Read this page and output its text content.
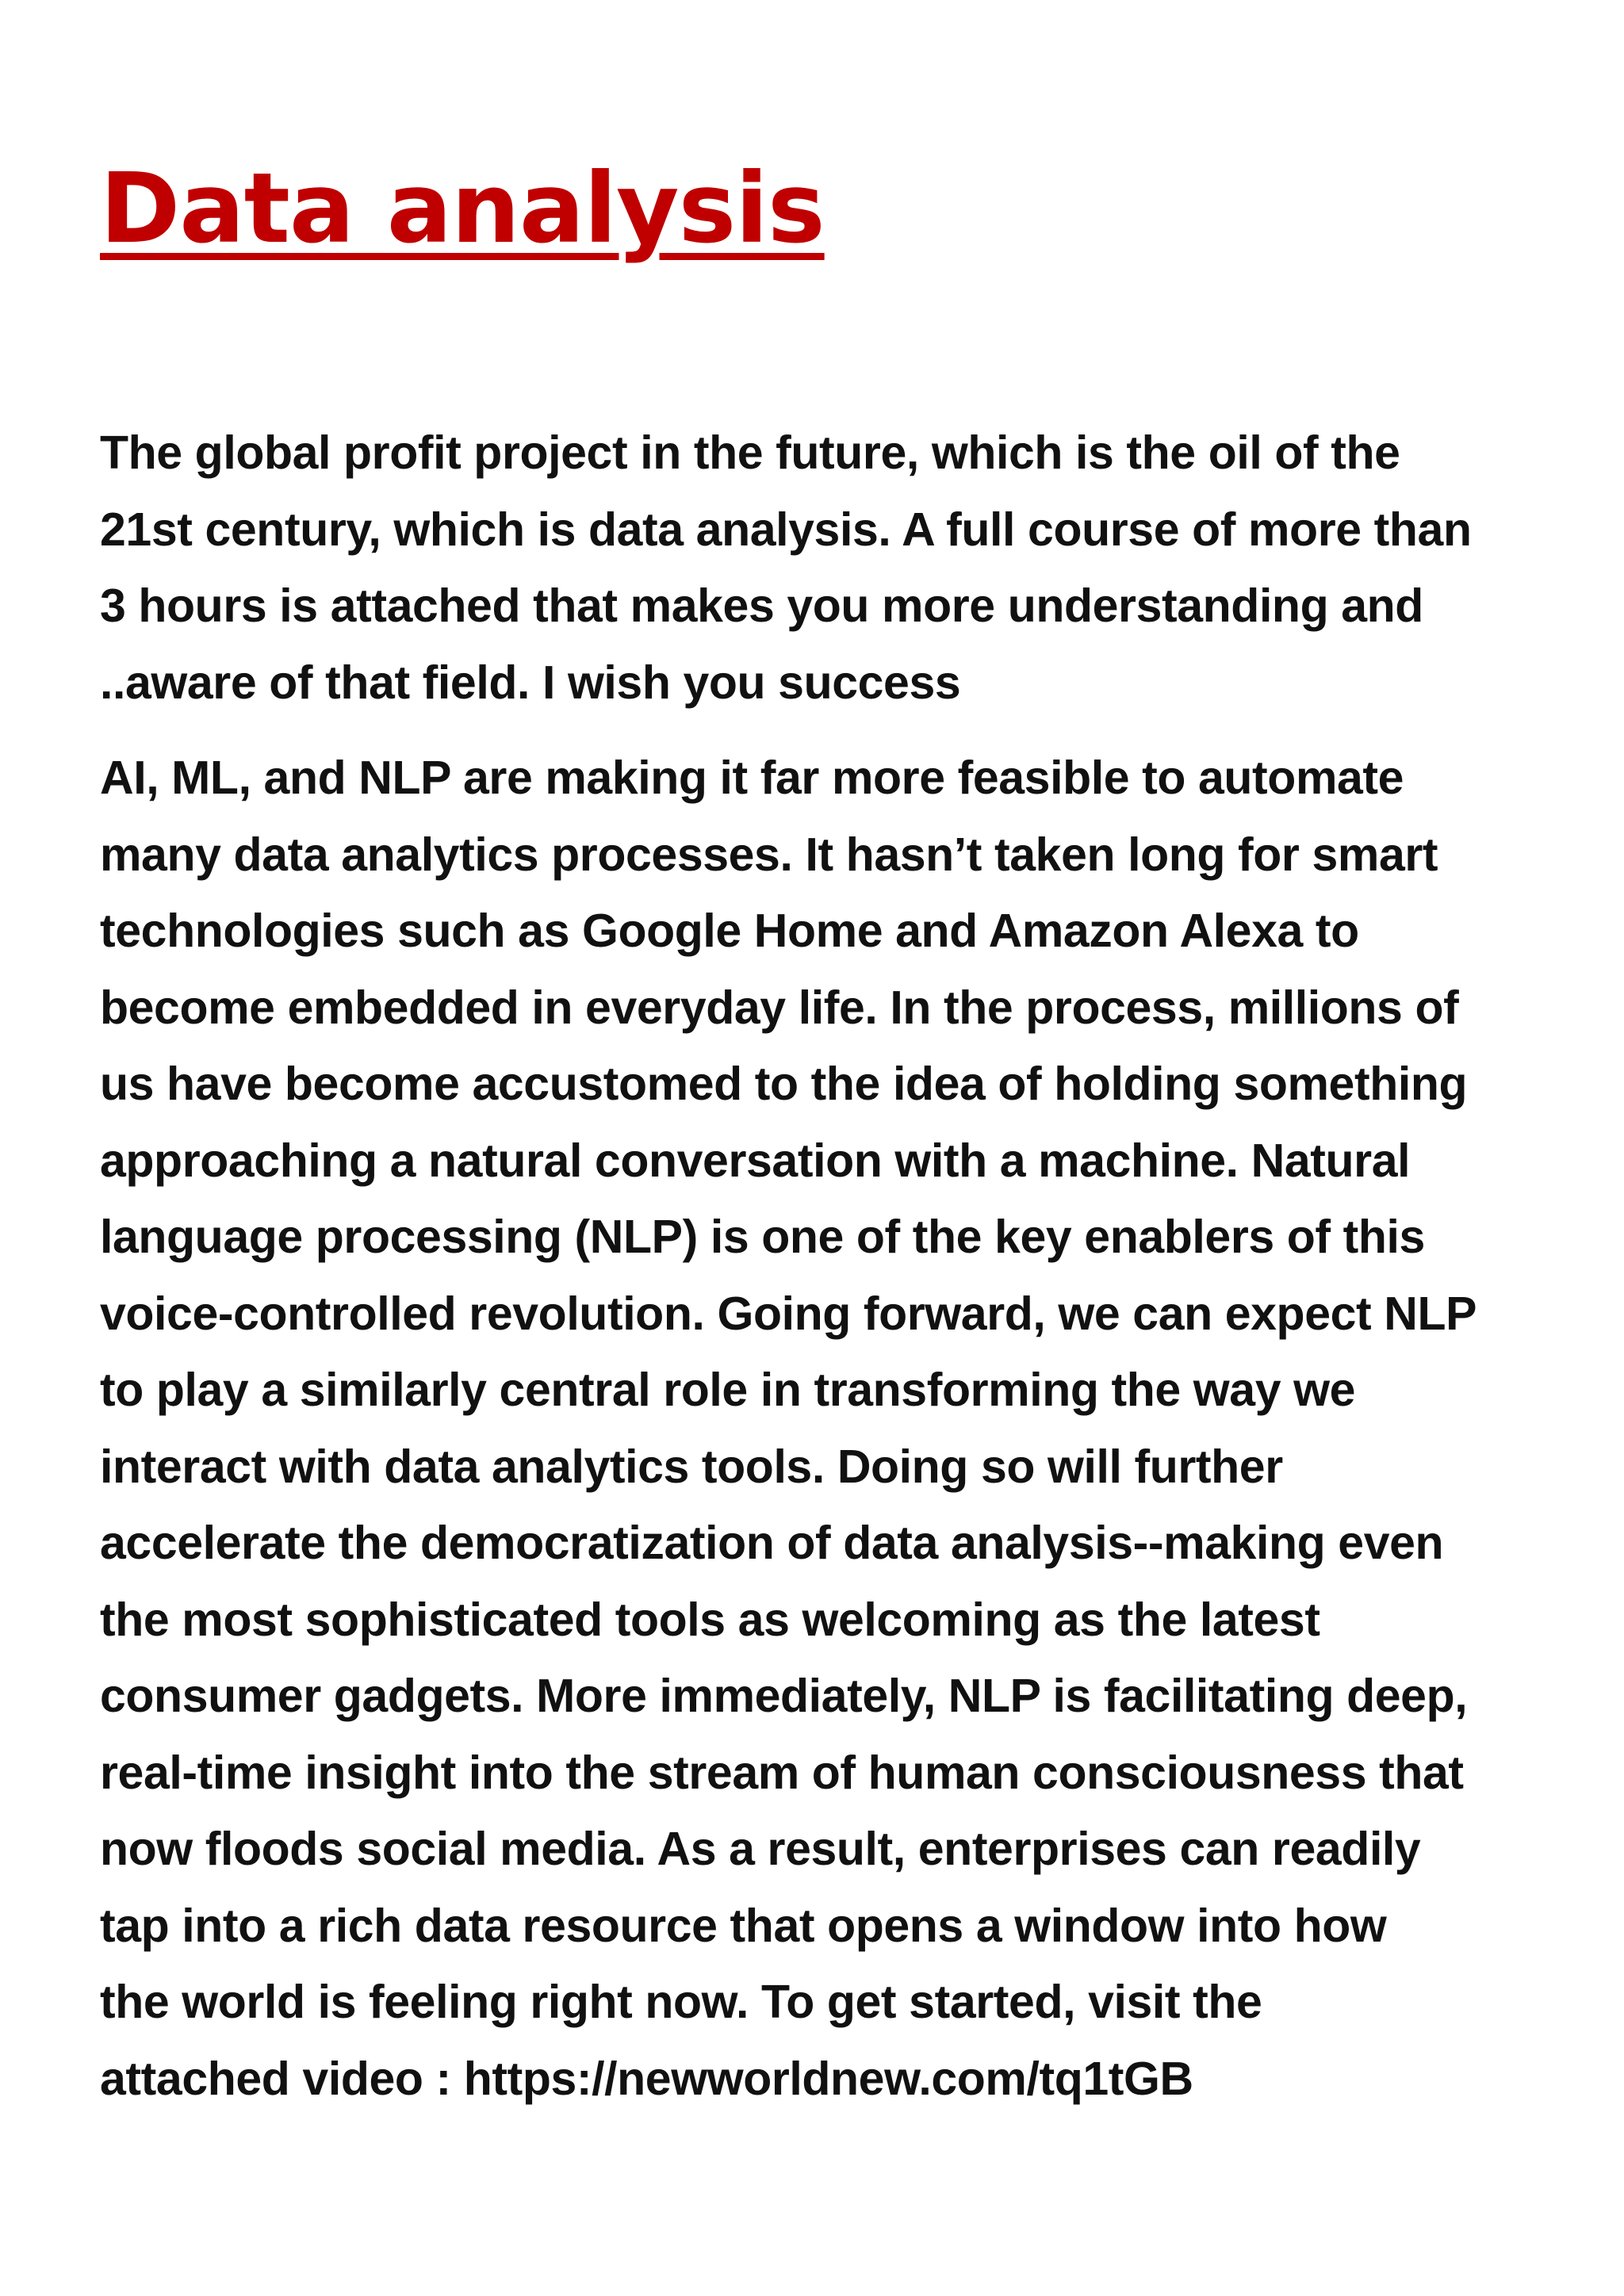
Data analysis

The global profit project in the future, which is the oil of the
21st century, which is data analysis. A full course of more than
3 hours is attached that makes you more understanding and
..aware of that field. I wish you success

AI, ML, and NLP are making it far more feasible to automate
many data analytics processes. It hasn’t taken long for smart
technologies such as Google Home and Amazon Alexa to
become embedded in everyday life. In the process, millions of
us have become accustomed to the idea of holding something
approaching a natural conversation with a machine. Natural
language processing (NLP) is one of the key enablers of this
voice-controlled revolution. Going forward, we can expect NLP
to play a similarly central role in transforming the way we
interact with data analytics tools. Doing so will further
accelerate the democratization of data analysis--making even
the most sophisticated tools as welcoming as the latest
consumer gadgets. More immediately, NLP is facilitating deep,
real-time insight into the stream of human consciousness that
now floods social media. As a result, enterprises can readily
tap into a rich data resource that opens a window into how
the world is feeling right now. To get started, visit the
attached video : https://newworldnew.com/tq1tGB
